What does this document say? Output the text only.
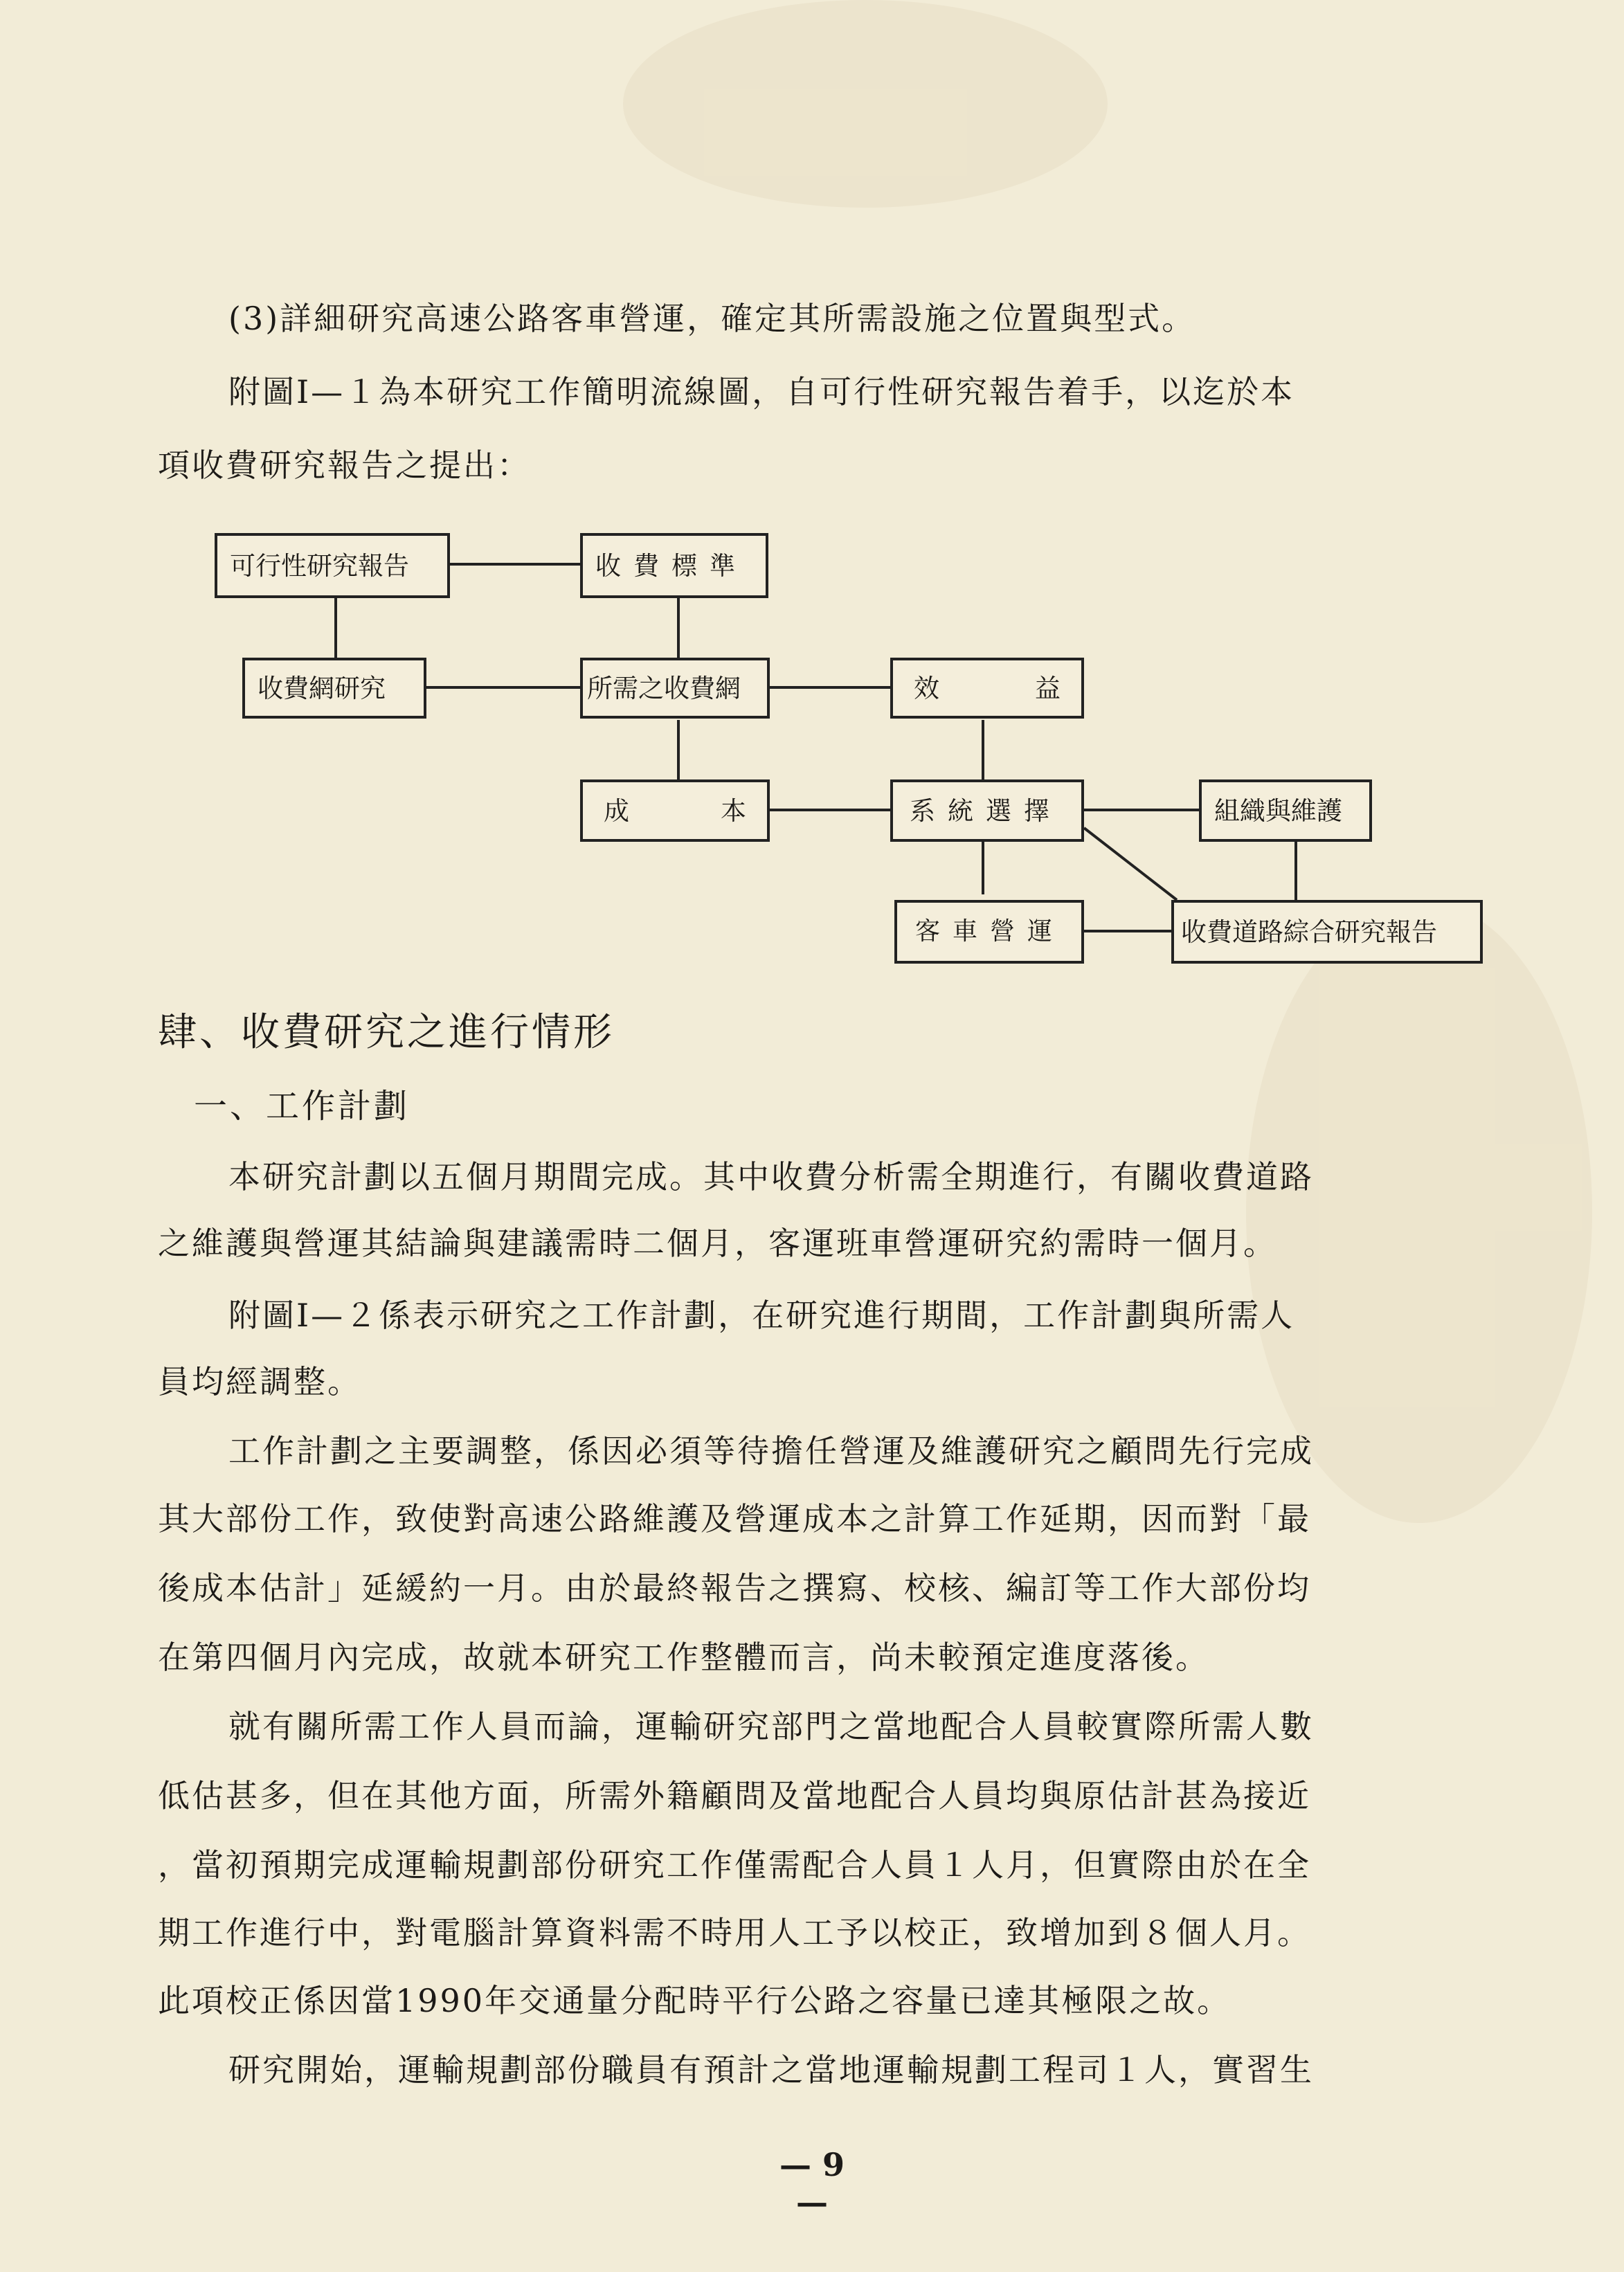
(3)詳細研究高速公路客車營運，確定其所需設施之位置與型式。
附圖Ⅰ—１為本研究工作簡明流線圖，自可行性研究報告着手，以迄於本
項收費研究報告之提出：
可行性研究報告	收費標準
收費網研究	所需之收費網	效	益
成	本	系統選擇	組織與維護
客車營運	收費道路綜合研究報告
肆、收費研究之進行情形
一、工作計劃
本研究計劃以五個月期間完成。其中收費分析需全期進行，有關收費道路
之維護與營運其結論與建議需時二個月，客運班車營運研究約需時一個月。
附圖Ⅰ—２係表示研究之工作計劃，在研究進行期間，工作計劃與所需人
員均經調整。
工作計劃之主要調整，係因必須等待擔任營運及維護研究之顧問先行完成
其大部份工作，致使對高速公路維護及營運成本之計算工作延期，因而對「最
後成本估計」延緩約一月。由於最終報告之撰寫、校核、編訂等工作大部份均
在第四個月內完成，故就本研究工作整體而言，尚未較預定進度落後。
就有關所需工作人員而論，運輸研究部門之當地配合人員較實際所需人數
低估甚多，但在其他方面，所需外籍顧問及當地配合人員均與原估計甚為接近
，當初預期完成運輸規劃部份研究工作僅需配合人員１人月，但實際由於在全
期工作進行中，對電腦計算資料需不時用人工予以校正，致增加到８個人月。
此項校正係因當1990年交通量分配時平行公路之容量已達其極限之故。
研究開始，運輸規劃部份職員有預計之當地運輸規劃工程司１人，實習生
— 9 —
